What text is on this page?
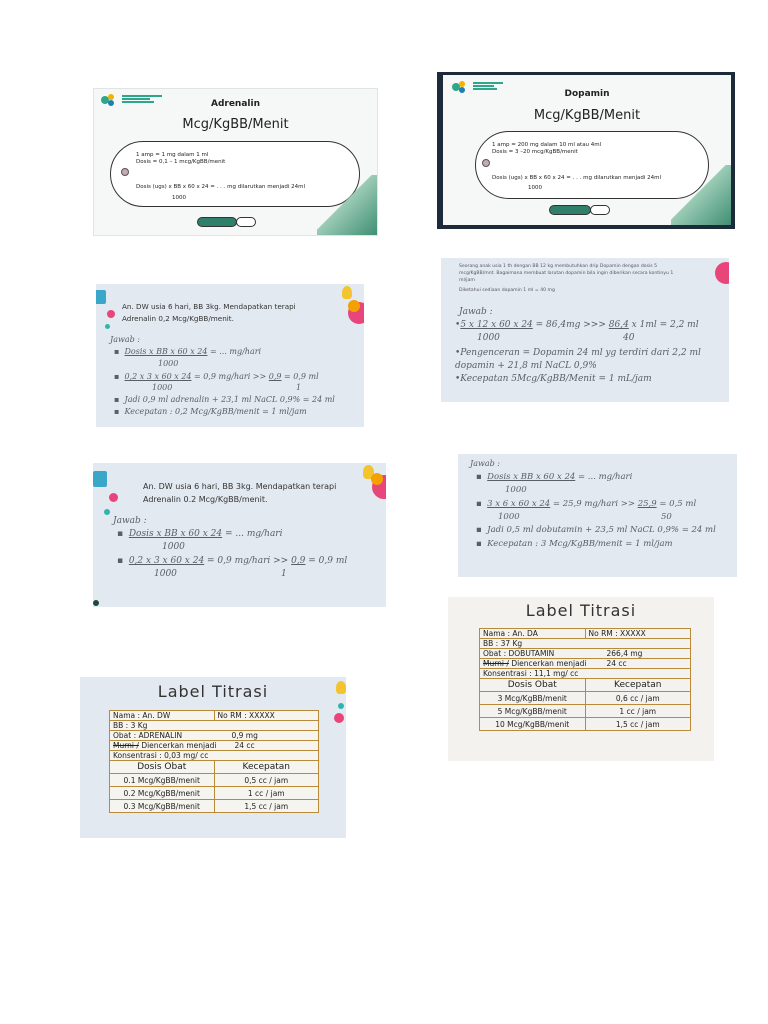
Adrenalin
Mcg/KgBB/Menit
1 amp = 1 mg dalam 1 ml
Dosis = 0,1 – 1 mcg/KgBB/menit
Dosis (ugs) x BB x 60 x 24 = . . . mg dilarutkan menjadi 24ml
1000
Dopamin
Mcg/KgBB/Menit
1 amp = 200 mg dalam 10 ml atau 4ml
Dosis = 3 –20 mcg/KgBB/menit
Dosis (ugs) x BB x 60 x 24 = . . . mg dilarutkan menjadi 24ml
1000
Seorang anak usia 1 th dengan BB 12 kg membutuhkan drip Dopamin dengan dosis 5
mcg/KgBB/mnt. Bagaimana membuat larutan dopamin bila ingin diberikan secara kontinyu 1
ml/jam
Diketahui sediaan dopamin 1 ml = 40 mg
Jawab :
•5 x 12 x 60 x 24 = 86,4mg >>> 86,4 x 1ml = 2,2 ml
1000	40
•Pengenceran = Dopamin 24 ml yg terdiri dari 2,2 ml
dopamin + 21,8 ml NaCL 0,9%
•Kecepatan 5Mcg/KgBB/Menit = 1 mL/jam
An. DW usia 6 hari, BB 3kg. Mendapatkan terapi
Adrenalin 0,2 Mcg/KgBB/menit.
Jawab :
▪  Dosis x BB x 60 x 24 = ... mg/hari
1000
▪  0,2 x 3 x 60 x 24 = 0,9 mg/hari >> 0,9 = 0,9 ml
1000	1
▪  Jadi 0,9 ml adrenalin + 23,1 ml NaCL 0,9% = 24 ml
▪  Kecepatan : 0,2 Mcg/KgBB/menit = 1 ml/jam
Jawab :
▪  Dosis x BB x 60 x 24 = ... mg/hari
1000
▪  3 x 6 x 60 x 24 = 25,9 mg/hari >> 25,9 = 0,5 ml
1000	50
▪  Jadi 0,5 ml dobutamin + 23,5 ml NaCL 0,9% = 24 ml
▪  Kecepatan : 3 Mcg/KgBB/menit = 1 ml/jam
An. DW usia 6 hari, BB 3kg. Mendapatkan terapi
Adrenalin 0.2 Mcg/KgBB/menit.
Jawab :
▪  Dosis x BB x 60 x 24 = ... mg/hari
1000
▪  0,2 x 3 x 60 x 24 = 0,9 mg/hari >> 0,9 = 0,9 ml
1000	1
Label Titrasi
Nama : An. DA	No RM : XXXXX
BB : 37 Kg	
Obat : DOBUTAMIN 266,4 mg	

Murni / Diencerkan menjadi 24 cc	

Konsentrasi : 11,1 mg/ cc	
Dosis Obat	Kecepatan
3 Mcg/KgBB/menit	0,6 cc / jam
5 Mcg/KgBB/menit	1 cc / jam
10 Mcg/KgBB/menit	1,5 cc / jam
Label Titrasi
Nama : An. DW	No RM : XXXXX
BB : 3 Kg	
Obat : ADRENALIN 0,9 mg	

Murni / Diencerkan menjadi 24 cc	

Konsentrasi : 0,03 mg/ cc	
Dosis Obat	Kecepatan
0.1 Mcg/KgBB/menit	0,5 cc / jam
0.2 Mcg/KgBB/menit	1 cc / jam
0.3 Mcg/KgBB/menit	1,5 cc / jam
